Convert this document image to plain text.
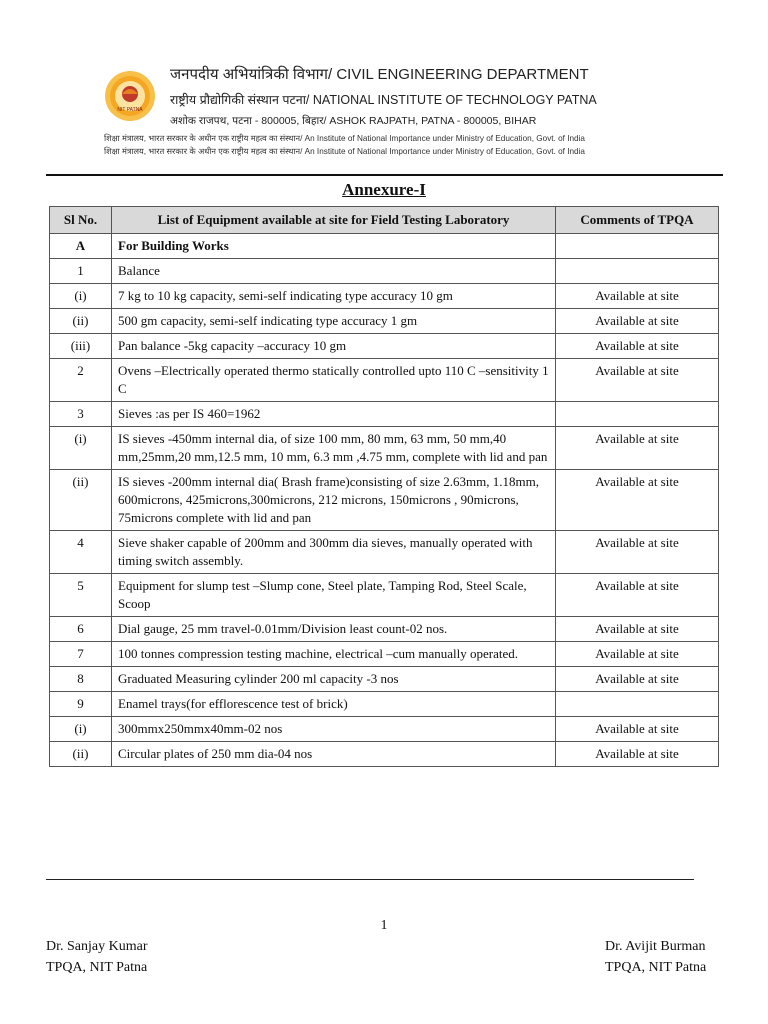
NIT PATNA
जनपदीय अभियांत्रिकी विभाग/ CIVIL ENGINEERING DEPARTMENT
राष्ट्रीय प्रौद्योगिकी संस्थान पटना/ NATIONAL INSTITUTE OF TECHNOLOGY PATNA
अशोक राजपथ, पटना - 800005, बिहार/ ASHOK RAJPATH, PATNA - 800005, BIHAR
शिक्षा मंत्रालय, भारत सरकार के अधीन एक राष्ट्रीय महत्व का संस्थान/ An Institute of National Importance under Ministry of Education, Govt. of India
शिक्षा मंत्रालय, भारत सरकार के अधीन एक राष्ट्रीय महत्व का संस्थान/ An Institute of National Importance under Ministry of Education, Govt. of India
Annexure-I
Sl No.	List of Equipment available at site for Field Testing Laboratory	Comments of TPQA
A	For Building Works	
1	Balance	
(i)	7 kg to 10 kg capacity, semi-self indicating type accuracy 10 gm	Available at site
(ii)	500 gm capacity, semi-self indicating type accuracy 1 gm	Available at site
(iii)	Pan balance -5kg capacity –accuracy 10 gm	Available at site
2	Ovens –Electrically operated thermo statically controlled upto 110 C –sensitivity 1 C	Available at site
3	Sieves :as per IS 460=1962	
(i)	IS sieves -450mm internal dia, of size 100 mm, 80 mm, 63 mm, 50 mm,40 mm,25mm,20 mm,12.5 mm, 10 mm, 6.3 mm ,4.75 mm, complete with lid and pan	Available at site
(ii)	IS sieves -200mm internal dia( Brash frame)consisting of size 2.63mm, 1.18mm, 600microns, 425microns,300microns, 212 microns, 150microns , 90microns, 75microns complete with lid and pan	Available at site
4	Sieve shaker capable of 200mm and 300mm dia sieves, manually operated with timing switch assembly.	Available at site
5	Equipment for slump test –Slump cone, Steel plate, Tamping Rod, Steel Scale, Scoop	Available at site
6	Dial gauge, 25 mm travel-0.01mm/Division least count-02 nos.	Available at site
7	100 tonnes compression testing machine, electrical –cum manually operated.	Available at site
8	Graduated Measuring cylinder 200 ml capacity -3 nos	Available at site
9	Enamel trays(for efflorescence test of brick)	
(i)	300mmx250mmx40mm-02 nos	Available at site
(ii)	Circular plates of 250 mm dia-04 nos	Available at site
1
Dr. Sanjay Kumar
TPQA, NIT Patna
Dr. Avijit Burman
TPQA, NIT Patna
